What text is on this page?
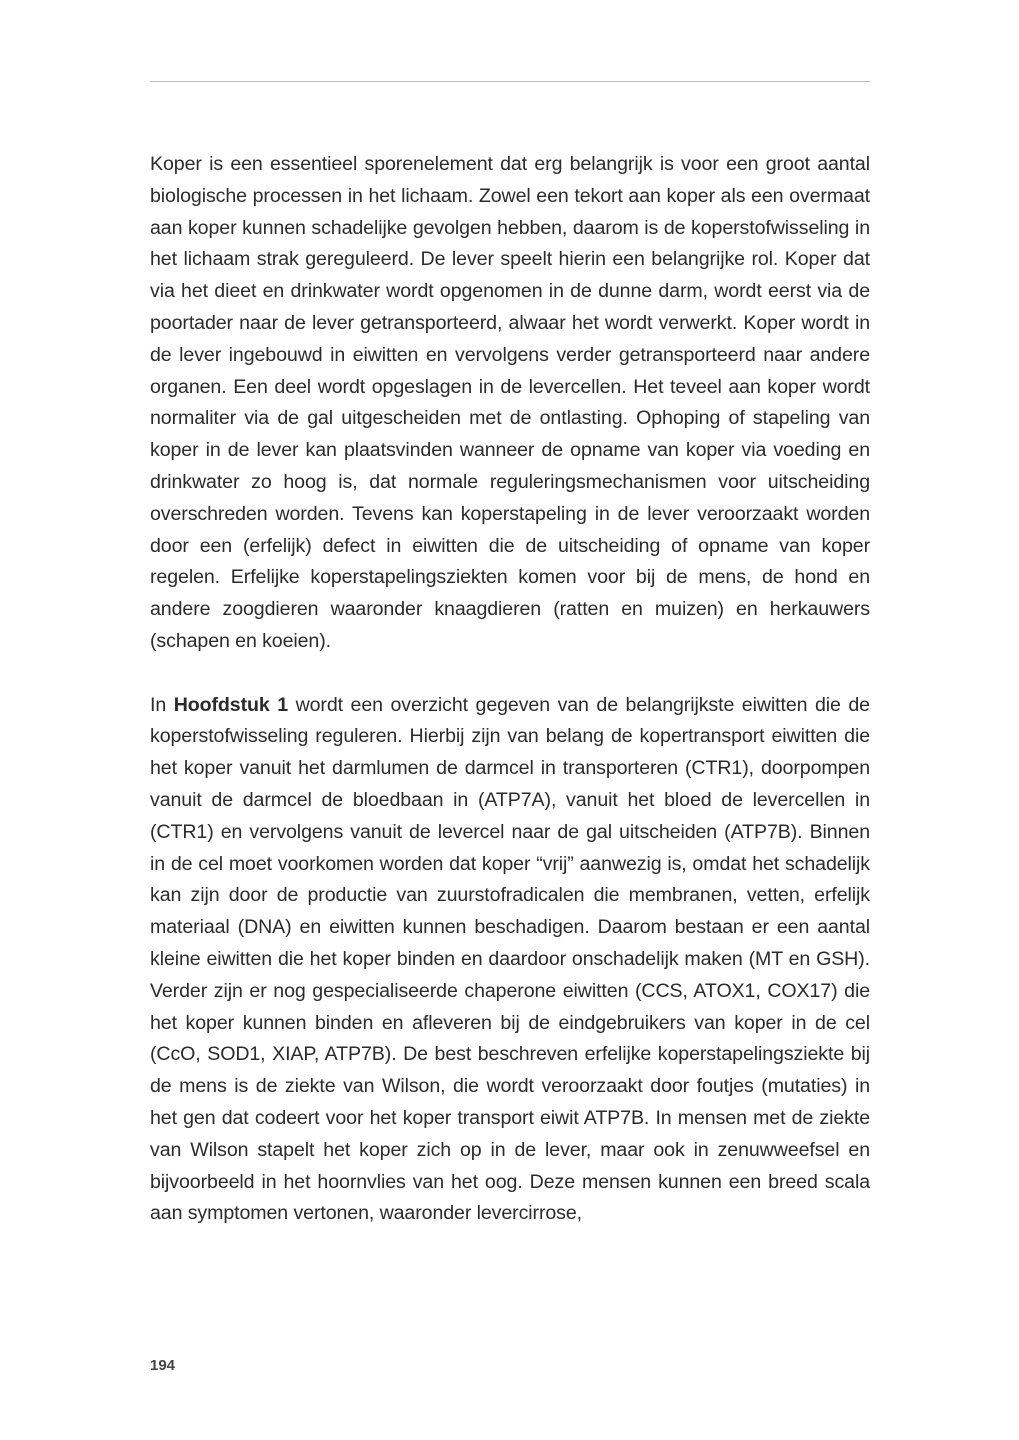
Koper is een essentieel sporenelement dat erg belangrijk is voor een groot aantal biologische processen in het lichaam. Zowel een tekort aan koper als een overmaat aan koper kunnen schadelijke gevolgen hebben, daarom is de koperstofwisseling in het lichaam strak gereguleerd. De lever speelt hierin een belangrijke rol. Koper dat via het dieet en drinkwater wordt opgenomen in de dunne darm, wordt eerst via de poortader naar de lever getransporteerd, alwaar het wordt verwerkt. Koper wordt in de lever ingebouwd in eiwitten en vervolgens verder getransporteerd naar andere organen. Een deel wordt opgeslagen in de levercellen. Het teveel aan koper wordt normaliter via de gal uitgescheiden met de ontlasting. Ophoping of stapeling van koper in de lever kan plaatsvinden wanneer de opname van koper via voeding en drinkwater zo hoog is, dat normale reguleringsmechanismen voor uitscheiding overschreden worden. Tevens kan koperstapeling in de lever veroorzaakt worden door een (erfelijk) defect in eiwitten die de uitscheiding of opname van koper regelen. Erfelijke koperstapelingsziekten komen voor bij de mens, de hond en andere zoogdieren waaronder knaagdieren (ratten en muizen) en herkauwers (schapen en koeien).

In Hoofdstuk 1 wordt een overzicht gegeven van de belangrijkste eiwitten die de koperstofwisseling reguleren. Hierbij zijn van belang de kopertransport eiwitten die het koper vanuit het darmlumen de darmcel in transporteren (CTR1), doorpompen vanuit de darmcel de bloedbaan in (ATP7A), vanuit het bloed de levercellen in (CTR1) en vervolgens vanuit de levercel naar de gal uitscheiden (ATP7B). Binnen in de cel moet voorkomen worden dat koper “vrij” aanwezig is, omdat het schadelijk kan zijn door de productie van zuurstofradicalen die membranen, vetten, erfelijk materiaal (DNA) en eiwitten kunnen beschadigen. Daarom bestaan er een aantal kleine eiwitten die het koper binden en daardoor onschadelijk maken (MT en GSH). Verder zijn er nog gespecialiseerde chaperone eiwitten (CCS, ATOX1, COX17) die het koper kunnen binden en afleveren bij de eindgebruikers van koper in de cel (CcO, SOD1, XIAP, ATP7B). De best beschreven erfelijke koperstapelingsziekte bij de mens is de ziekte van Wilson, die wordt veroorzaakt door foutjes (mutaties) in het gen dat codeert voor het koper transport eiwit ATP7B. In mensen met de ziekte van Wilson stapelt het koper zich op in de lever, maar ook in zenuwweefsel en bijvoorbeeld in het hoornvlies van het oog. Deze mensen kunnen een breed scala aan symptomen vertonen, waaronder levercirrose,

194
